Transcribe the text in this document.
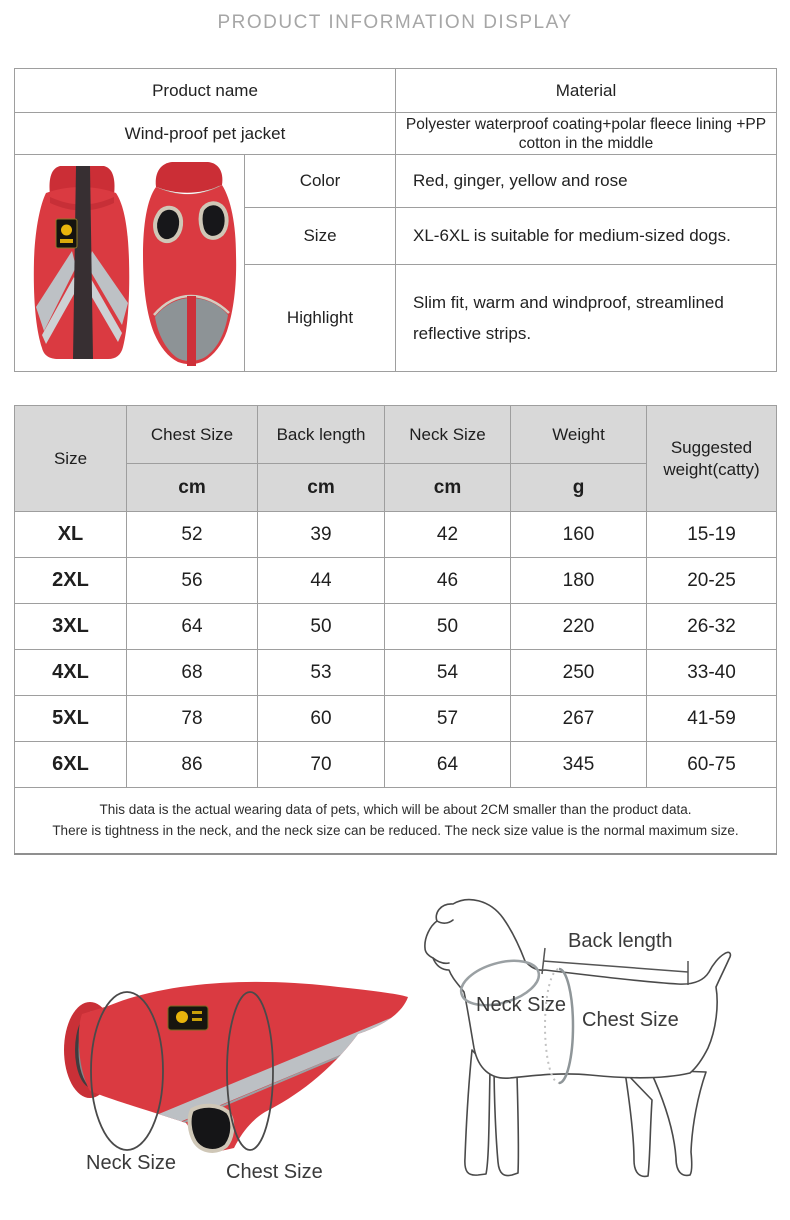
PRODUCT INFORMATION DISPLAY
Product name	Material
Wind-proof pet jacket	Polyester waterproof coating+polar fleece lining +PP cotton in the middle
	Color	Red, ginger, yellow and rose
	Size	XL-6XL is suitable for medium-sized dogs.
	Highlight	Slim fit, warm and windproof, streamlined reflective strips.
Size	Chest Size	Back length	Neck Size	Weight	Suggested weight(catty)
	cm	cm	cm	g	
XL	52	39	42	160	15-19
2XL	56	44	46	180	20-25
3XL	64	50	50	220	26-32
4XL	68	53	54	250	33-40
5XL	78	60	57	267	41-59
6XL	86	70	64	345	60-75

This data is the actual wearing data of pets, which will be about 2CM smaller than the product data.
There is tightness in the neck, and the neck size can be reduced. The neck size value is the normal maximum size.					
Back length
Neck Size
Chest Size
Neck Size Chest Size
